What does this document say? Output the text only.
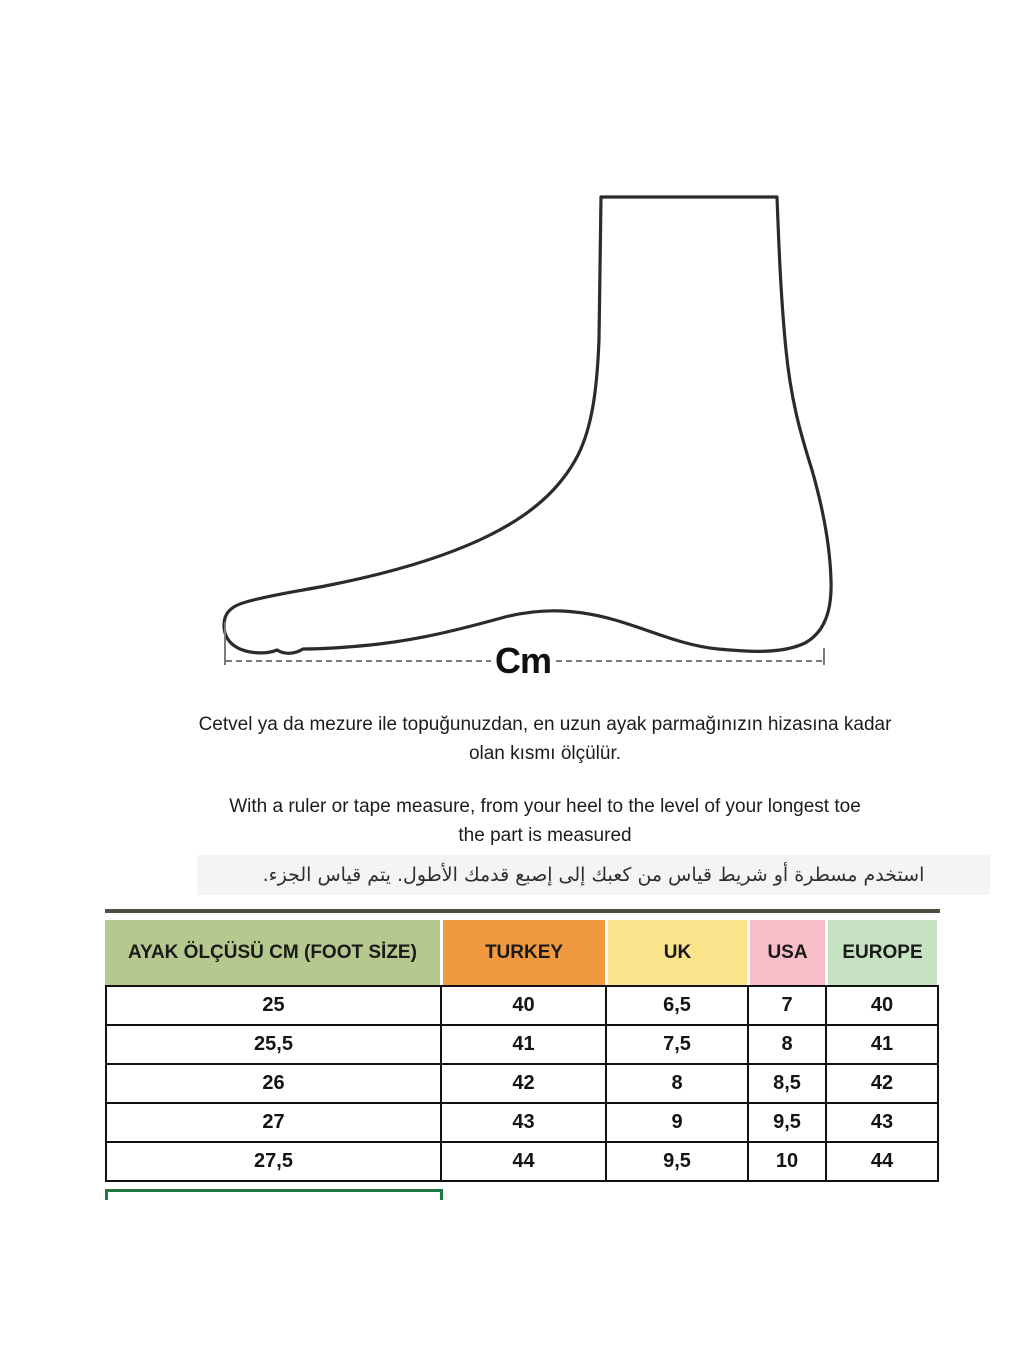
Cm
Cetvel ya da mezure ile topuğunuzdan, en uzun ayak parmağınızın hizasına kadar
olan kısmı ölçülür.
With a ruler or tape measure, from your heel to the level of your longest toe
the part is measured
استخدم مسطرة أو شريط قياس من كعبك إلى إصبع قدمك الأطول. يتم قياس الجزء.
AYAK ÖLÇÜSÜ CM (FOOT SİZE)	TURKEY	UK	USA	EUROPE
25	40	6,5	7	40
25,5	41	7,5	8	41
26	42	8	8,5	42
27	43	9	9,5	43
27,5	44	9,5	10	44
